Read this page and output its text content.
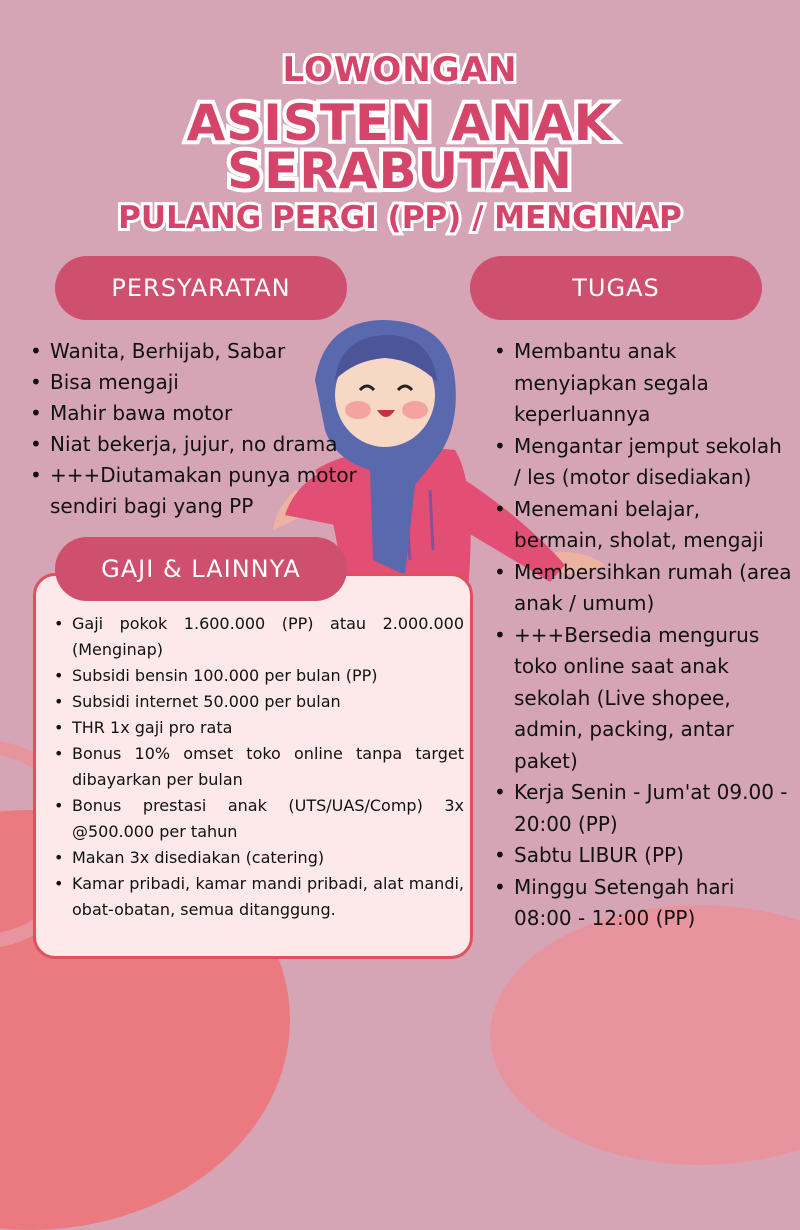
LOWONGAN
ASISTEN ANAK
SERABUTAN
PULANG PERGI (PP) / MENGINAP
PERSYARATAN	TUGAS
• Wanita, Berhijab, Sabar
• Bisa mengaji
• Mahir bawa motor
• Niat bekerja, jujur, no drama
• +++Diutamakan punya motor sendiri bagi yang PP
• Membantu anak menyiapkan segala keperluannya
• Mengantar jemput sekolah / les (motor disediakan)
• Menemani belajar, bermain, sholat, mengaji
• Membersihkan rumah (area anak / umum)
• +++Bersedia mengurus toko online saat anak sekolah (Live shopee, admin, packing, antar paket)
• Kerja Senin - Jum'at 09.00 - 20:00 (PP)
• Sabtu LIBUR (PP)
• Minggu Setengah hari 08:00 - 12:00 (PP)
GAJI & LAINNYA
• Gaji pokok 1.600.000 (PP) atau 2.000.000 (Menginap)
• Subsidi bensin 100.000 per bulan (PP)
• Subsidi internet 50.000 per bulan
• THR 1x gaji pro rata
• Bonus 10% omset toko online tanpa target dibayarkan per bulan
• Bonus prestasi anak (UTS/UAS/Comp) 3x @500.000 per tahun
• Makan 3x disediakan (catering)
• Kamar pribadi, kamar mandi pribadi, alat mandi, obat-obatan, semua ditanggung.
